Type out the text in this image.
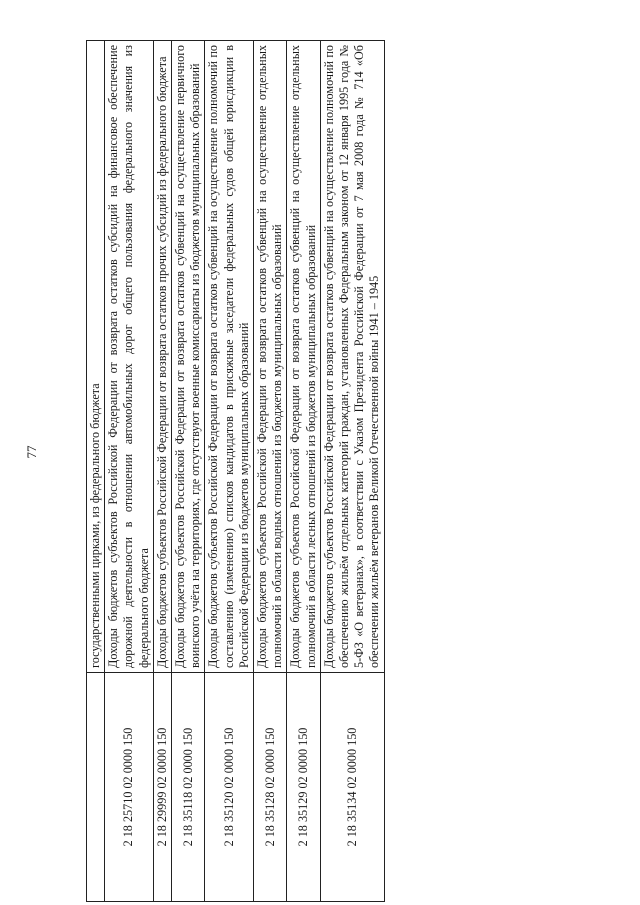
77
		государственными цирками, из федерального бюджета
2 18 25710 02 0000 150	Доходы бюджетов субъектов Российской Федерации от возврата остатков субсидий на финансовое обеспечение дорожной деятельности в отношении автомобильных дорог общего пользования федерального значения из федерального бюджета
2 18 29999 02 0000 150	Доходы бюджетов субъектов Российской Федерации от возврата остатков прочих субсидий из федерального бюджета
2 18 35118 02 0000 150	Доходы бюджетов субъектов Российской Федерации от возврата остатков субвенций на осуществление первичного воинского учёта на территориях, где отсутствуют военные комиссариаты из бюджетов муниципальных образований
2 18 35120 02 0000 150	Доходы бюджетов субъектов Российской Федерации от возврата остатков субвенций на осуществление полномочий по составлению (изменению) списков кандидатов в присяжные заседатели федеральных судов общей юрисдикции в Российской Федерации из бюджетов муниципальных образований
2 18 35128 02 0000 150	Доходы бюджетов субъектов Российской Федерации от возврата остатков субвенций на осуществление отдельных полномочий в области водных отношений из бюджетов муниципальных образований
2 18 35129 02 0000 150	Доходы бюджетов субъектов Российской Федерации от возврата остатков субвенций на осуществление отдельных полномочий в области лесных отношений из бюджетов муниципальных образований
2 18 35134 02 0000 150	Доходы бюджетов субъектов Российской Федерации от возврата остатков субвенций на осуществление полномочий по обеспечению жильём отдельных категорий граждан, установленных Федеральным законом от 12 января 1995 года № 5-ФЗ «О ветеранах», в соответствии с Указом Президента Российской Федерации от 7 мая 2008 года № 714 «Об обеспечении жильём ветеранов Великой Отечественной войны 1941 – 1945
